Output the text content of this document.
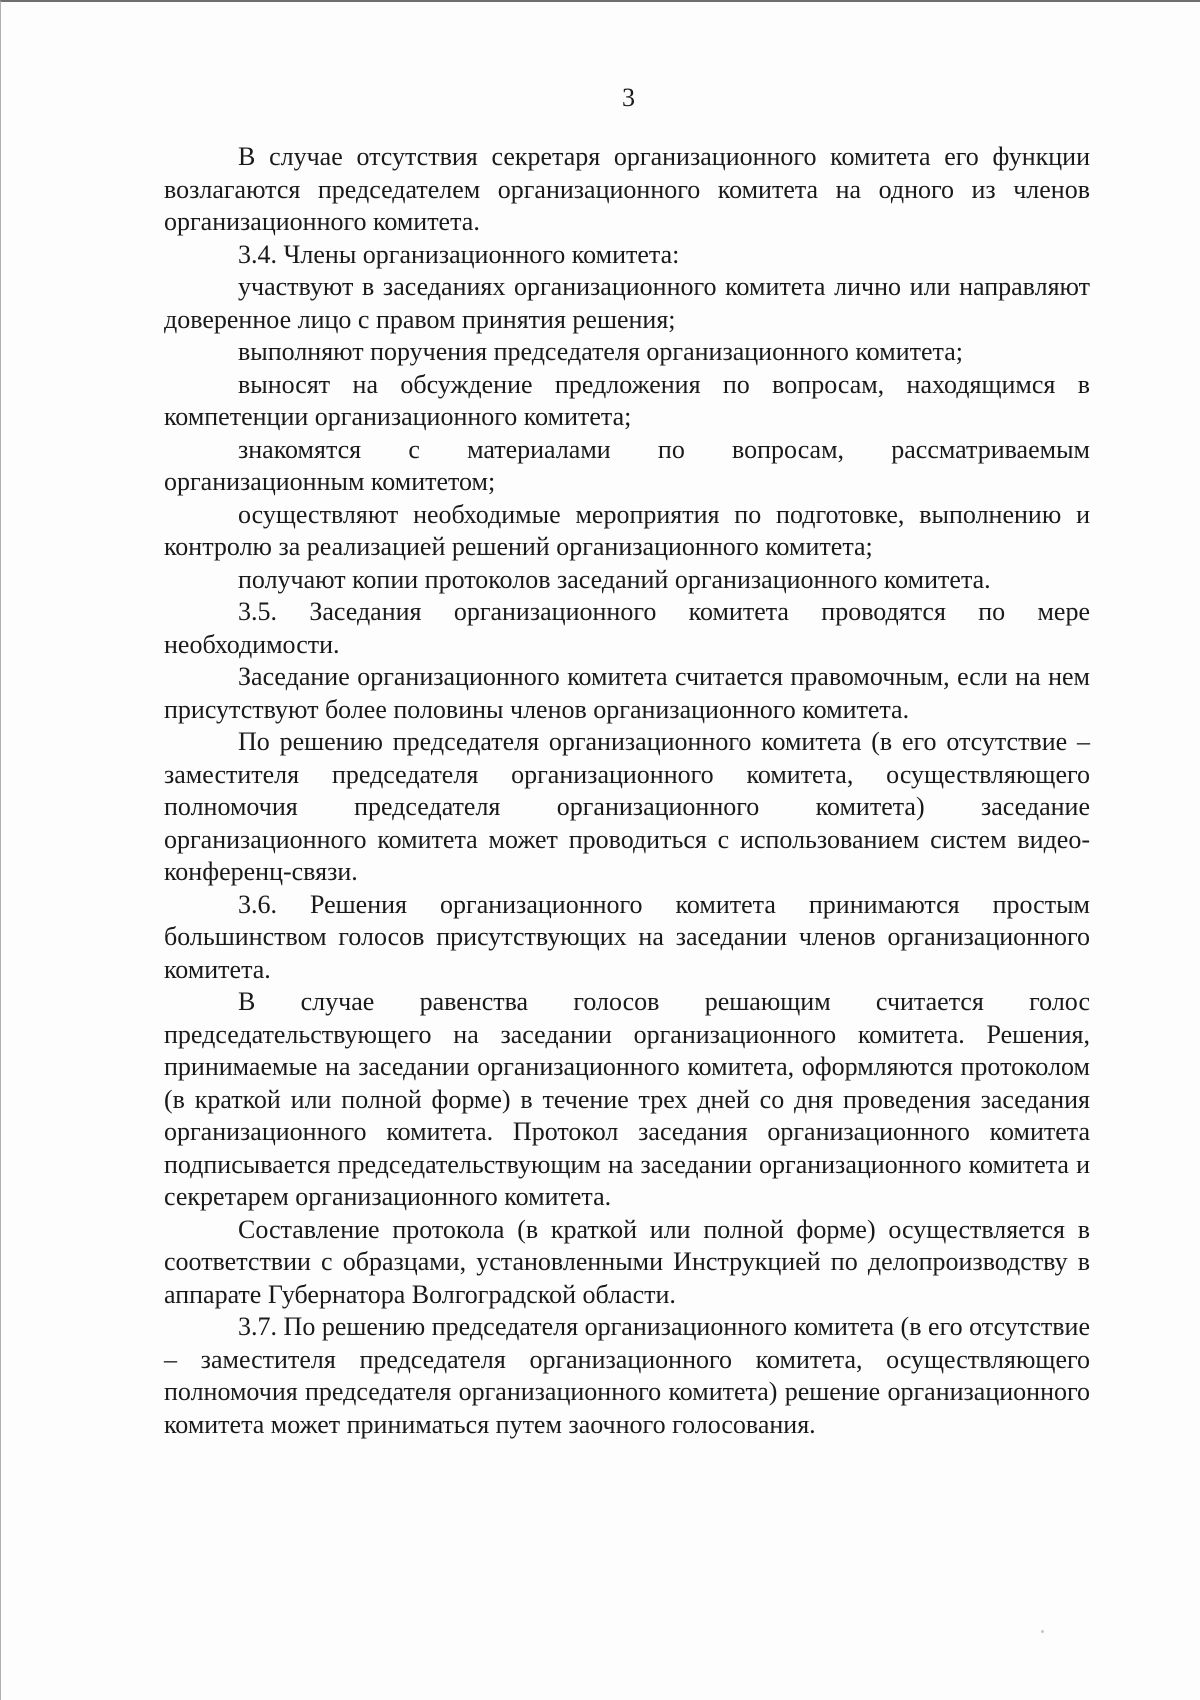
3

В случае отсутствия секретаря организационного комитета его функции возлагаются председателем организационного комитета на одного из членов организационного комитета.

3.4. Члены организационного комитета:

участвуют в заседаниях организационного комитета лично или направляют доверенное лицо с правом принятия решения;

выполняют поручения председателя организационного комитета;

выносят на обсуждение предложения по вопросам, находящимся в компетенции организационного комитета;

знакомятся с материалами по вопросам, рассматриваемым организационным комитетом;

осуществляют необходимые мероприятия по подготовке, выполнению и контролю за реализацией решений организационного комитета;

получают копии протоколов заседаний организационного комитета.

3.5. Заседания организационного комитета проводятся по мере необходимости.

Заседание организационного комитета считается правомочным, если на нем присутствуют более половины членов организационного комитета.

По решению председателя организационного комитета (в его отсутствие – заместителя председателя организационного комитета, осуществляющего полномочия председателя организационного комитета) заседание организационного комитета может проводиться с использованием систем видео-конференц-связи.

3.6. Решения организационного комитета принимаются простым большинством голосов присутствующих на заседании членов организационного комитета.

В случае равенства голосов решающим считается голос председательствующего на заседании организационного комитета. Решения, принимаемые на заседании организационного комитета, оформляются протоколом (в краткой или полной форме) в течение трех дней со дня проведения заседания организационного комитета. Протокол заседания организационного комитета подписывается председательствующим на заседании организационного комитета и секретарем организационного комитета.

Составление протокола (в краткой или полной форме) осуществляется в соответствии с образцами, установленными Инструкцией по делопроизводству в аппарате Губернатора Волгоградской области.

3.7. По решению председателя организационного комитета (в его отсутствие – заместителя председателя организационного комитета, осуществляющего полномочия председателя организационного комитета) решение организационного комитета может приниматься путем заочного голосования.
